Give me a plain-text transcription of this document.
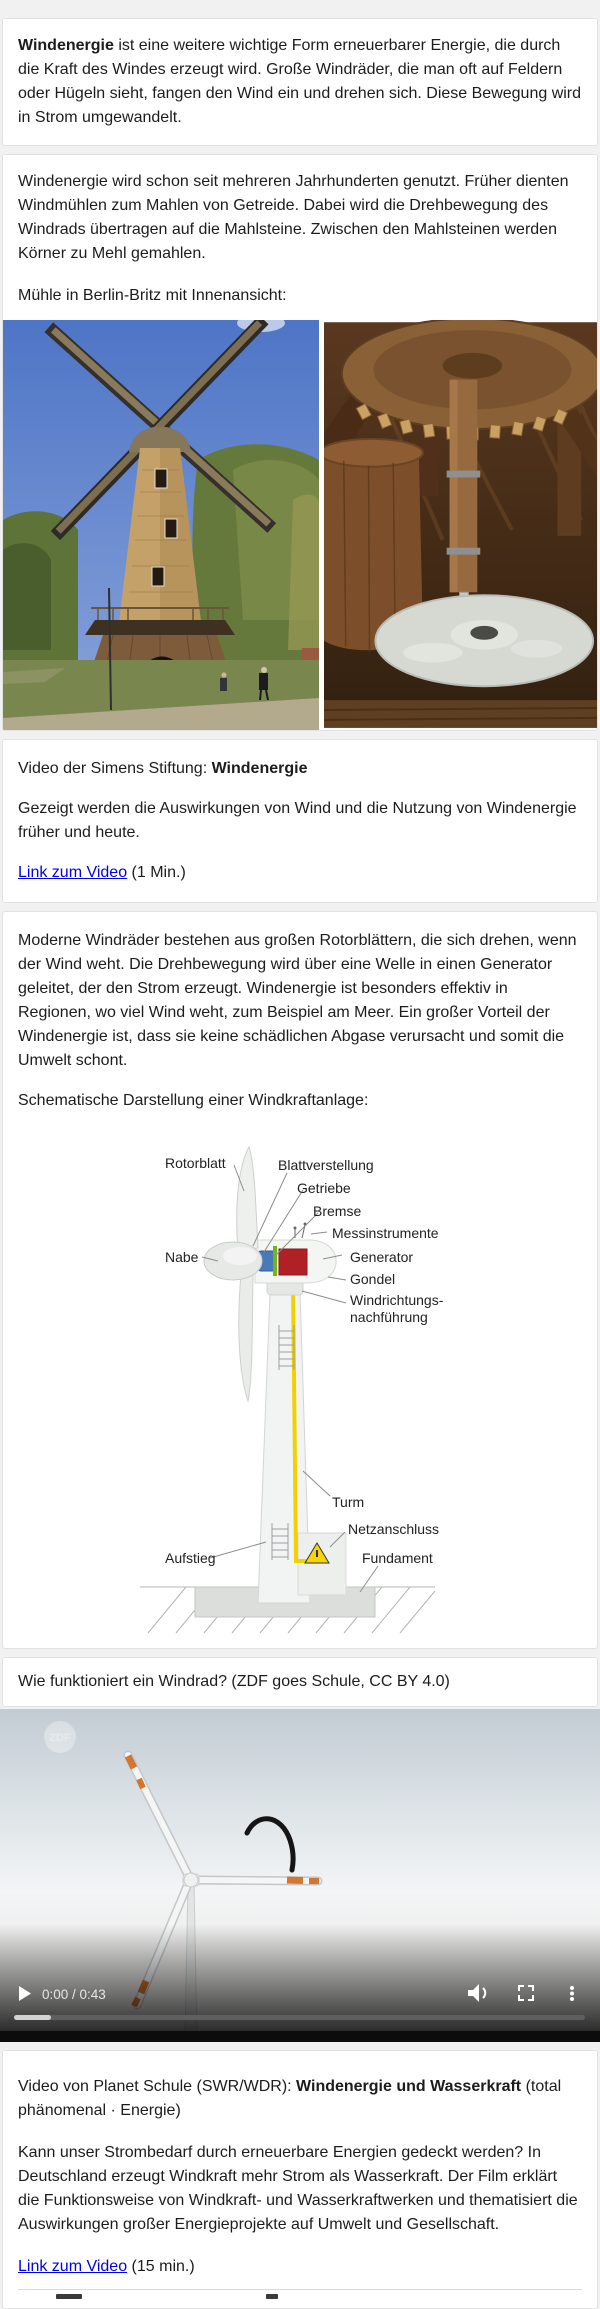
Windenergie ist eine weitere wichtige Form erneuerbarer Energie, die durch die Kraft des Windes erzeugt wird. Große Windräder, die man oft auf Feldern oder Hügeln sieht, fangen den Wind ein und drehen sich. Diese Bewegung wird in Strom umgewandelt.

Windenergie wird schon seit mehreren Jahrhunderten genutzt. Früher dienten Windmühlen zum Mahlen von Getreide. Dabei wird die Drehbewegung des Windrads übertragen auf die Mahlsteine. Zwischen den Mahlsteinen werden Körner zu Mehl gemahlen.

Mühle in Berlin-Britz mit Innenansicht:

Video der Simens Stiftung: Windenergie

Gezeigt werden die Auswirkungen von Wind und die Nutzung von Windenergie früher und heute.

Link zum Video (1 Min.)

Moderne Windräder bestehen aus großen Rotorblättern, die sich drehen, wenn der Wind weht. Die Drehbewegung wird über eine Welle in einen Generator geleitet, der den Strom erzeugt. Windenergie ist besonders effektiv in Regionen, wo viel Wind weht, zum Beispiel am Meer. Ein großer Vorteil der Windenergie ist, dass sie keine schädlichen Abgase verursacht und somit die Umwelt schont.

Schematische Darstellung einer Windkraftanlage:

Rotorblatt	Blattverstellung
Getriebe
Bremse
Messinstrumente
Nabe	Generator
Gondel
Windrichtungs-
nachführung
Turm
Netzanschluss
Aufstieg	Fundament

Wie funktioniert ein Windrad? (ZDF goes Schule, CC BY 4.0)

ZDF
0:00 / 0:43

Video von Planet Schule (SWR/WDR): Windenergie und Wasserkraft (total phänomenal · Energie)

Kann unser Strombedarf durch erneuerbare Energien gedeckt werden? In Deutschland erzeugt Windkraft mehr Strom als Wasserkraft. Der Film erklärt die Funktionsweise von Windkraft- und Wasserkraftwerken und thematisiert die Auswirkungen großer Energieprojekte auf Umwelt und Gesellschaft.

Link zum Video (15 min.)
